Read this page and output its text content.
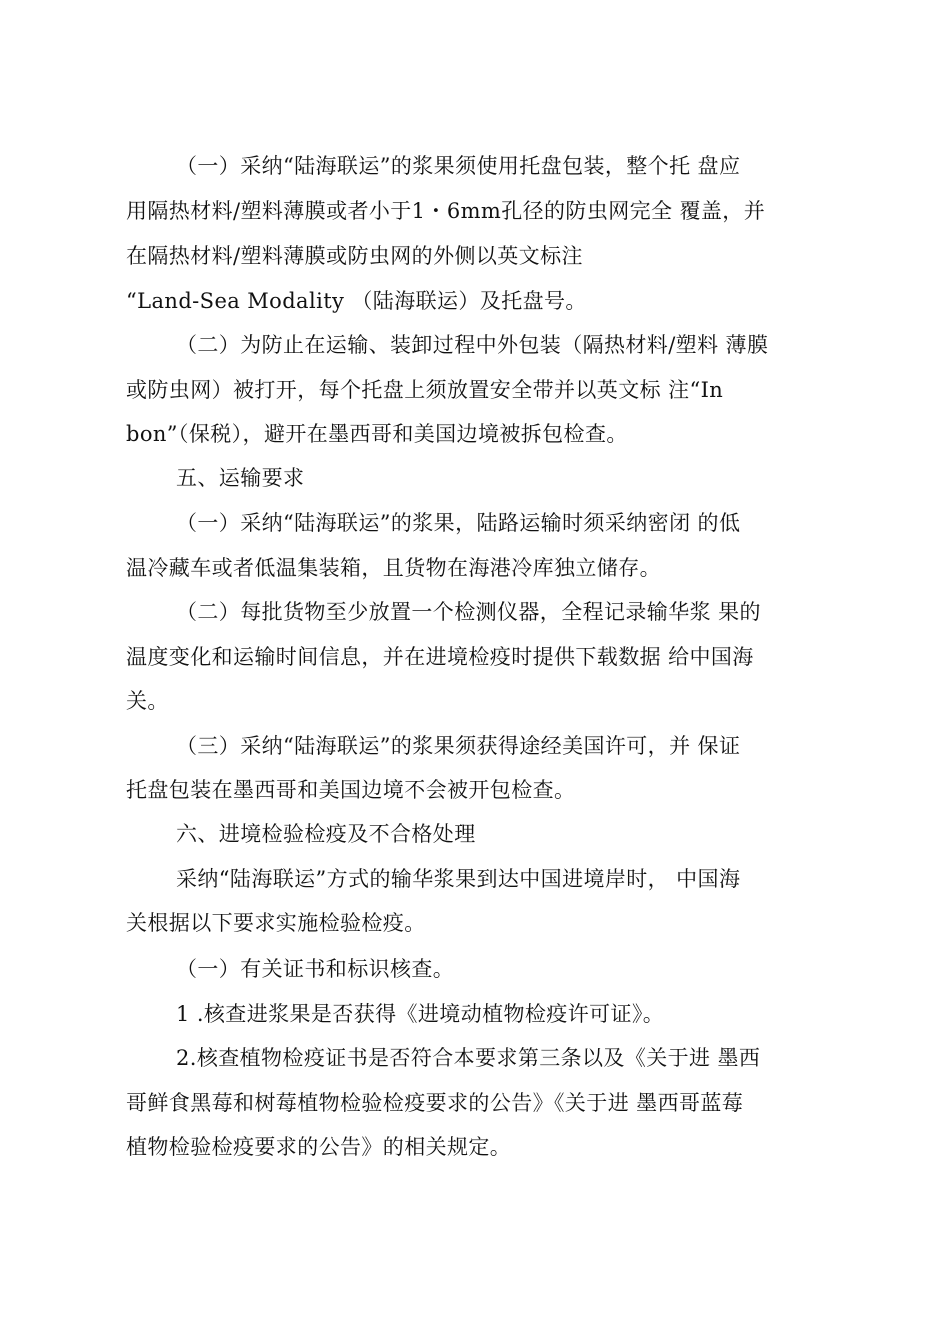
（一）采纳“陆海联运”的浆果须使用托盘包装，整个托 盘应
用隔热材料/塑料薄膜或者小于1・6mm孔径的防虫网完全 覆盖，并
在隔热材料/塑料薄膜或防虫网的外侧以英文标注
“Land-Sea Modality （陆海联运）及托盘号。
（二）为防止在运输、装卸过程中外包装（隔热材料/塑料 薄膜
或防虫网）被打开，每个托盘上须放置安全带并以英文标 注“In
bon”（保税），避开在墨西哥和美国边境被拆包检查。
五、运输要求
（一）采纳“陆海联运”的浆果，陆路运输时须采纳密闭 的低
温冷藏车或者低温集装箱，且货物在海港冷库独立储存。
（二）每批货物至少放置一个检测仪器，全程记录输华浆 果的
温度变化和运输时间信息，并在进境检疫时提供下载数据 给中国海
关。
（三）采纳“陆海联运”的浆果须获得途经美国许可，并 保证
托盘包装在墨西哥和美国边境不会被开包检查。
六、进境检验检疫及不合格处理
采纳“陆海联运”方式的输华浆果到达中国进境岸时， 中国海
关根据以下要求实施检验检疫。
（一）有关证书和标识核查。
1 .核查进浆果是否获得《进境动植物检疫许可证》。
2.核查植物检疫证书是否符合本要求第三条以及《关于进 墨西
哥鲜食黑莓和树莓植物检验检疫要求的公告》《关于进 墨西哥蓝莓
植物检验检疫要求的公告》的相关规定。
